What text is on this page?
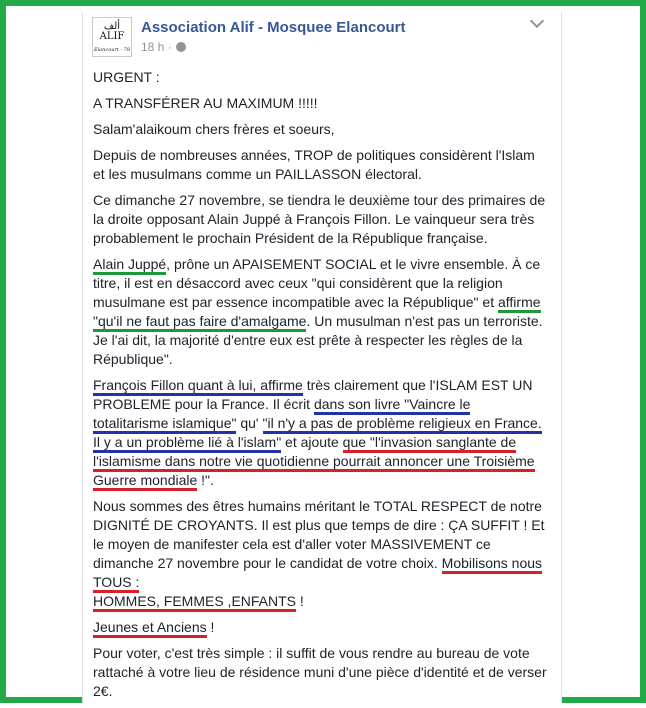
ألف
ALIF
Elancourt - 78
Association Alif - Mosquee Elancourt
18 h ·

URGENT :

A TRANSFÉRER AU MAXIMUM !!!!!

Salam'alaikoum chers frères et soeurs,

Depuis de nombreuses années, TROP de politiques considèrent l'Islam et les musulmans comme un PAILLASSON électoral.

Ce dimanche 27 novembre, se tiendra le deuxième tour des primaires de la droite opposant Alain Juppé à François Fillon. Le vainqueur sera très probablement le prochain Président de la République française.

Alain Juppé, prône un APAISEMENT SOCIAL et le vivre ensemble. À ce titre, il est en désaccord avec ceux "qui considèrent que la religion musulmane est par essence incompatible avec la République" et affirme "qu'il ne faut pas faire d'amalgame. Un musulman n'est pas un terroriste. Je l'ai dit, la majorité d'entre eux est prête à respecter les règles de la République".

François Fillon quant à lui, affirme très clairement que l'ISLAM EST UN PROBLEME pour la France. Il écrit dans son livre "Vaincre le totalitarisme islamique" qu' "il n'y a pas de problème religieux en France. Il y a un problème lié à l'islam" et ajoute que "l'invasion sanglante de l'islamisme dans notre vie quotidienne pourrait annoncer une Troisième Guerre mondiale !".

Nous sommes des êtres humains méritant le TOTAL RESPECT de notre DIGNITÉ DE CROYANTS. Il est plus que temps de dire : ÇA SUFFIT ! Et le moyen de manifester cela est d'aller voter MASSIVEMENT ce dimanche 27 novembre pour le candidat de votre choix. Mobilisons nous TOUS :
HOMMES, FEMMES ,ENFANTS !

Jeunes et Anciens !

Pour voter, c'est très simple : il suffit de vous rendre au bureau de vote rattaché à votre lieu de résidence muni d'une pièce d'identité et de verser 2€.
